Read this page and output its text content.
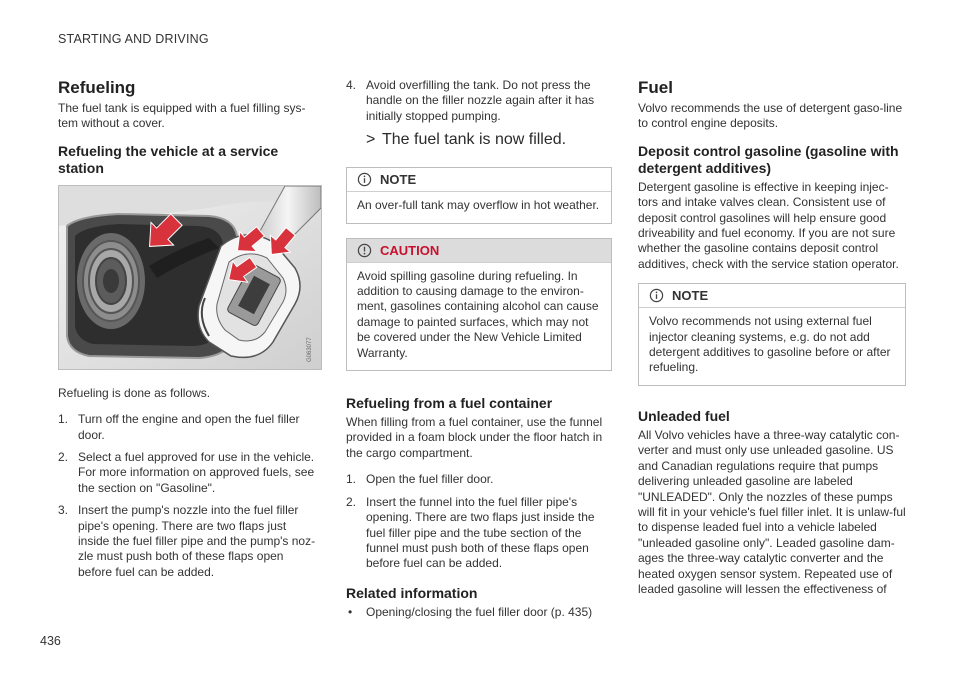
STARTING AND DRIVING
Refueling

The fuel tank is equipped with a fuel filling sys-tem without a cover.

Refueling the vehicle at a service station
G063077

Refueling is done as follows.

1. Turn off the engine and open the fuel filler door.
2. Select a fuel approved for use in the vehicle. For more information on approved fuels, see the section on "Gasoline".
3. Insert the pump's nozzle into the fuel filler pipe's opening. There are two flaps just inside the fuel filler pipe and the pump's noz-zle must push both of these flaps open before fuel can be added.
4. Avoid overfilling the tank. Do not press the handle on the filler nozzle again after it has initially stopped pumping.
> The fuel tank is now filled.
NOTE
An over-full tank may overflow in hot weather.
CAUTION
Avoid spilling gasoline during refueling. In addition to causing damage to the environ-ment, gasolines containing alcohol can cause damage to painted surfaces, which may not be covered under the New Vehicle Limited Warranty.
Refueling from a fuel container

When filling from a fuel container, use the funnel provided in a foam block under the floor hatch in the cargo compartment.

1. Open the fuel filler door.
2. Insert the funnel into the fuel filler pipe's opening. There are two flaps just inside the fuel filler pipe and the tube section of the funnel must push both of these flaps open before fuel can be added.
Related information
• Opening/closing the fuel filler door (p. 435)
Fuel

Volvo recommends the use of detergent gaso-line to control engine deposits.

Deposit control gasoline (gasoline with detergent additives)

Detergent gasoline is effective in keeping injec-tors and intake valves clean. Consistent use of deposit control gasolines will help ensure good driveability and fuel economy. If you are not sure whether the gasoline contains deposit control additives, check with the service station operator.

NOTE
Volvo recommends not using external fuel injector cleaning systems, e.g. do not add detergent additives to gasoline before or after refueling.
Unleaded fuel

All Volvo vehicles have a three-way catalytic con-verter and must only use unleaded gasoline. US and Canadian regulations require that pumps delivering unleaded gasoline are labeled "UNLEADED". Only the nozzles of these pumps will fit in your vehicle's fuel filler inlet. It is unlaw-ful to dispense leaded fuel into a vehicle labeled "unleaded gasoline only". Leaded gasoline dam-ages the three-way catalytic converter and the heated oxygen sensor system. Repeated use of leaded gasoline will lessen the effectiveness of

436
